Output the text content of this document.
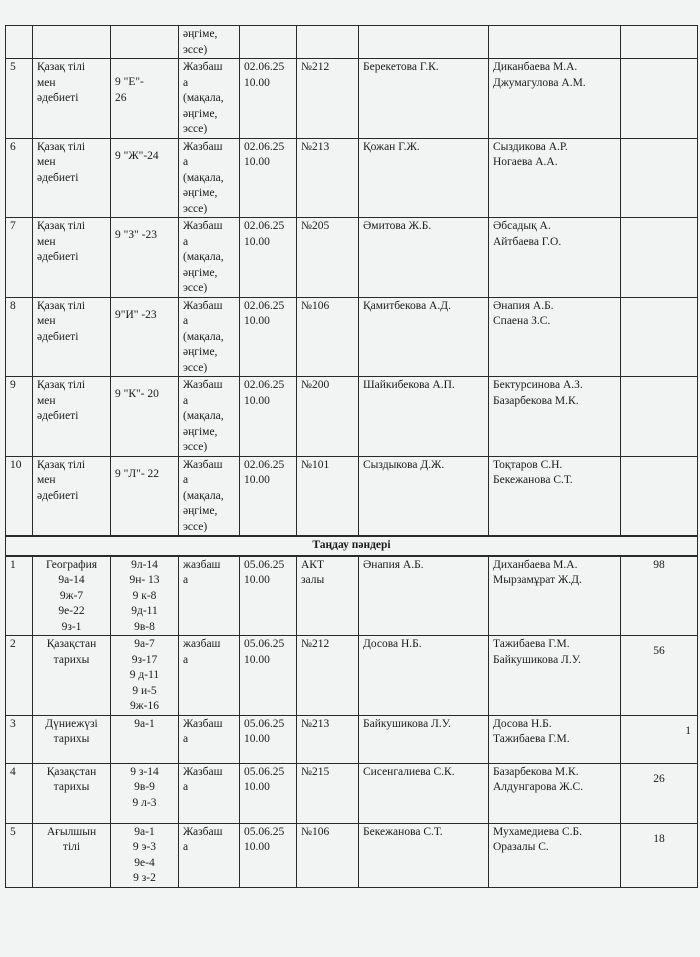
			әңгіме,
эссе)					

5	Қазақ тілі
мен
әдебиеті	9 "Е"-
26	Жазбаш
а
(мақала,
әңгіме,
эссе)	02.06.25
10.00	№212	Берекетова Г.К.	Диканбаева М.А.
Джумагулова А.М.	

6	Қазақ тілі
мен
әдебиеті	9 "Ж"-24	Жазбаш
а
(мақала,
әңгіме,
эссе)	02.06.25
10.00	№213	Қожан Г.Ж.	Сыздикова А.Р.
Ногаева А.А.	

7	Қазақ тілі
мен
әдебиеті	9 "З" -23	Жазбаш
а
(мақала,
әңгіме,
эссе)	02.06.25
10.00	№205	Әмитова Ж.Б.	Әбсадық А.
Айтбаева Г.О.	

8	Қазақ тілі
мен
әдебиеті	9"И" -23	Жазбаш
а
(мақала,
әңгіме,
эссе)	02.06.25
10.00	№106	Қамитбекова А.Д.	Әнапия А.Б.
Спаена З.С.	

9	Қазақ тілі
мен
әдебиеті	9 "К"- 20	Жазбаш
а
(мақала,
әңгіме,
эссе)	02.06.25
10.00	№200	Шайкибекова А.П.	Бектурсинова А.З.
Базарбекова М.К.	

10	Қазақ тілі
мен
әдебиеті	9 "Л"- 22	Жазбаш
а
(мақала,
әңгіме,
эссе)	02.06.25
10.00	№101	Сыздыкова Д.Ж.	Тоқтаров С.Н.
Бекежанова С.Т.	

Таңдау пәндері								

1	География
9а-14
9ж-7
9е-22
9з-1	9л-14
9н- 13
9 к-8
9д-11
9в-8	жазбаш
а	05.06.25
10.00	АКТ
залы	Әнапия А.Б.	Диханбаева М.А.
Мырзамұрат Ж.Д.	98

2	Қазақстан
тарихы	9а-7
9з-17
9 д-11
9 и-5
9ж-16	жазбаш
а	05.06.25
10.00	№212	Досова Н.Б.	Тажибаева Г.М.
Байкушикова Л.У.	56

3	Дүниежүзі
тарихы	9а-1	Жазбаш
а	05.06.25
10.00	№213	Байкушикова Л.У.	Досова Н.Б.
Тажибаева Г.М.	1

4	Қазақстан
тарихы	9 з-14
9в-9
9 л-3	Жазбаш
а	05.06.25
10.00	№215	Сисенгалиева С.К.	Базарбекова М.К.
Алдунгарова Ж.С.	26

5	Ағылшын
тілі	9а-1
9 э-3
9е-4
9 з-2	Жазбаш
а	05.06.25
10.00	№106	Бекежанова С.Т.	Мухамедиева С.Б.
Оразалы С.	18
